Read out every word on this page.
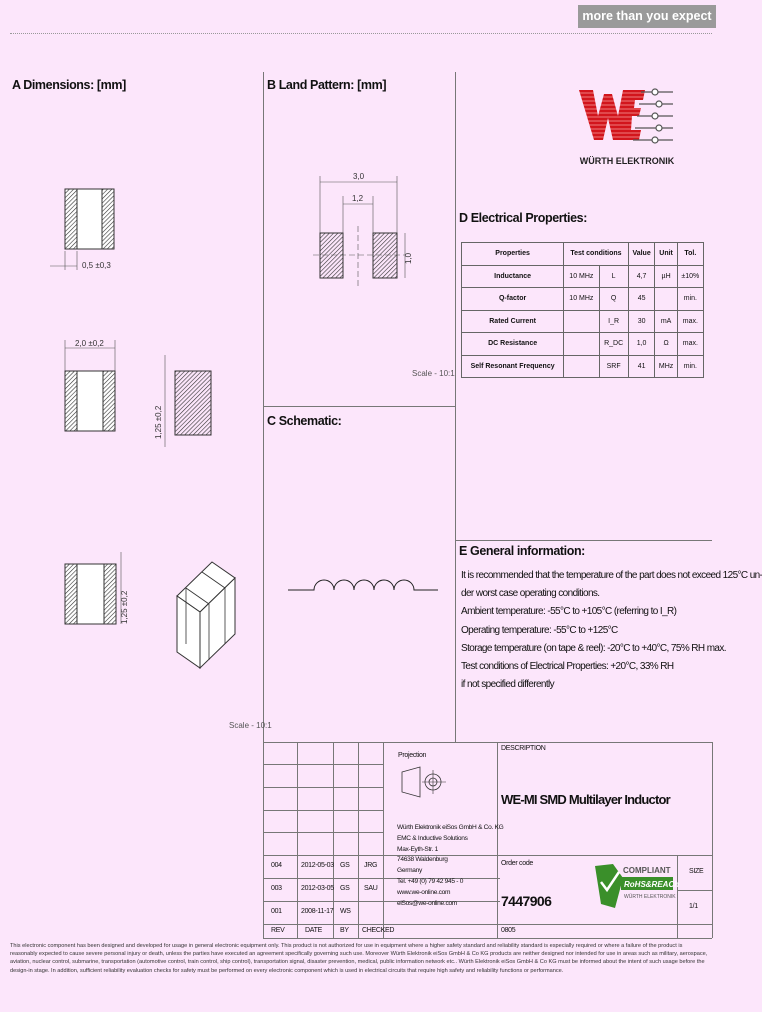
more than you expect
A Dimensions: [mm]	B Land Pattern: [mm]
C Schematic:
D Electrical Properties:
E General information:
WÜRTH ELEKTRONIK
0,5 ±0,3
2,0 ±0,2
1,25 ±0,2
1,25 ±0,2
Scale - 10:1
3,0
1,2
1,0
Scale - 10:1
Properties	Test conditions		Value	Unit	Tol.
Inductance	10 MHz	L	4,7	µH	±10%
Q-factor	10 MHz	Q	45		min.
Rated Current		I_R	30	mA	max.
DC Resistance		R_DC	1,0	Ω	max.
Self Resonant Frequency		SRF	41	MHz	min.
It is recommended that the temperature of the part does not exceed 125°C un-
der worst case operating conditions.
Ambient temperature: -55°C to +105°C (referring to I_R)
Operating temperature: -55°C to +125°C
Storage temperature (on tape & reel): -20°C to +40°C, 75% RH max.
Test conditions of Electrical Properties: +20°C, 33% RH
if not specified differently
Projection
Würth Elektronik eiSos GmbH & Co. KG
EMC & Inductive Solutions
Max-Eyth-Str. 1
74638 Waldenburg
Germany
Tel. +49 (0) 79 42 945 - 0
www.we-online.com
eiSos@we-online.com
004	2012-05-03 GS JRG
003	2012-03-05 GS SAU
001	2008-11-17 WS
REV	DATE	BY CHECKED
DESCRIPTION
WE-MI SMD Multilayer Inductor
Order code
7447906
COMPLIANT
RoHS&REACh
WÜRTH ELEKTRONIK
SIZE
1/1
0805
This electronic component has been designed and developed for usage in general electronic equipment only. This product is not authorized for use in equipment where a higher safety standard and reliability standard is especially required or where a failure of the product is reasonably expected to cause severe personal injury or death, unless the parties have executed an agreement specifically governing such use. Moreover Würth Elektronik eiSos GmbH & Co KG products are neither designed nor intended for use in areas such as military, aerospace, aviation, nuclear control, submarine, transportation (automotive control, train control, ship control), transportation signal, disaster prevention, medical, public information network etc.. Würth Elektronik eiSos GmbH & Co KG must be informed about the intent of such usage before the design-in stage. In addition, sufficient reliability evaluation checks for safety must be performed on every electronic component which is used in electrical circuits that require high safety and reliability functions or performance.
